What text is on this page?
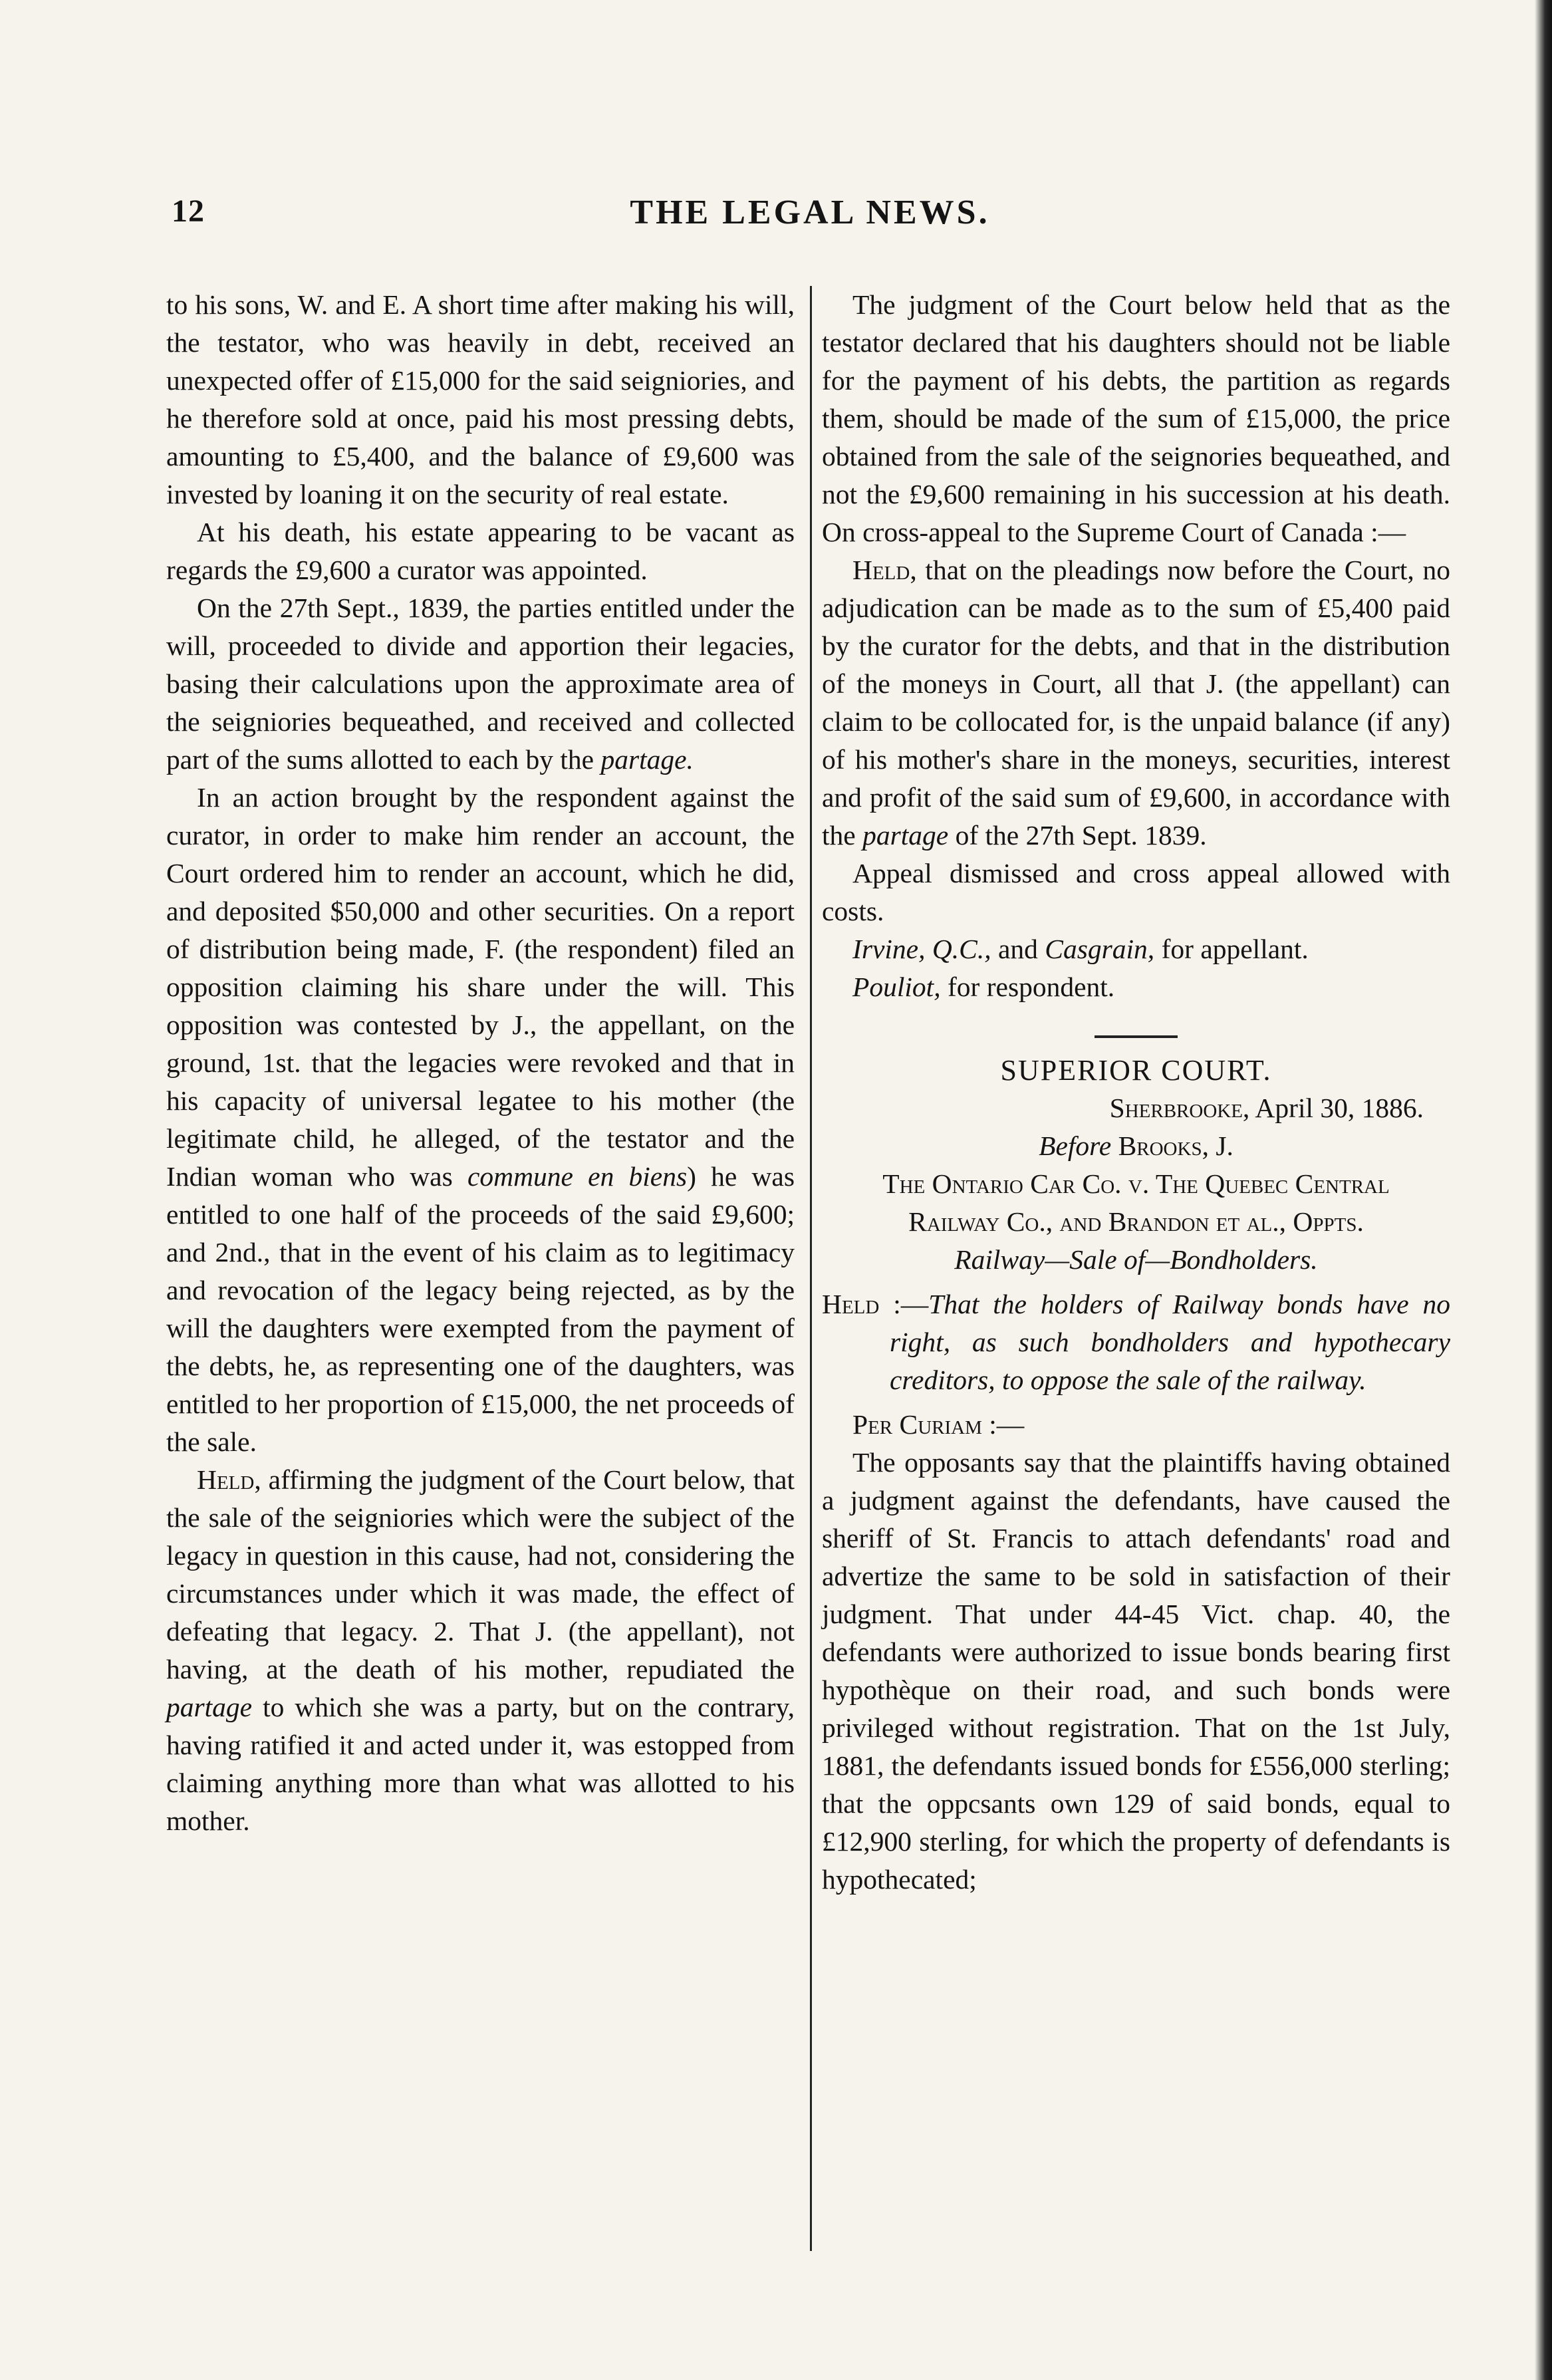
12	THE LEGAL NEWS.

to his sons, W. and E. A short time after making his will, the testator, who was heavily in debt, received an unexpected offer of £15,000 for the said seigniories, and he therefore sold at once, paid his most pressing debts, amounting to £5,400, and the balance of £9,600 was invested by loaning it on the security of real estate.

At his death, his estate appearing to be vacant as regards the £9,600 a curator was appointed.

On the 27th Sept., 1839, the parties entitled under the will, proceeded to divide and apportion their legacies, basing their calculations upon the approximate area of the seigniories bequeathed, and received and collected part of the sums allotted to each by the partage.

In an action brought by the respondent against the curator, in order to make him render an account, the Court ordered him to render an account, which he did, and deposited $50,000 and other securities. On a report of distribution being made, F. (the respondent) filed an opposition claiming his share under the will. This opposition was contested by J., the appellant, on the ground, 1st. that the legacies were revoked and that in his capacity of universal legatee to his mother (the legitimate child, he alleged, of the testator and the Indian woman who was commune en biens) he was entitled to one half of the proceeds of the said £9,600; and 2nd., that in the event of his claim as to legitimacy and revocation of the legacy being rejected, as by the will the daughters were exempted from the payment of the debts, he, as representing one of the daughters, was entitled to her proportion of £15,000, the net proceeds of the sale.

Held, affirming the judgment of the Court below, that the sale of the seigniories which were the subject of the legacy in question in this cause, had not, considering the circumstances under which it was made, the effect of defeating that legacy. 2. That J. (the appellant), not having, at the death of his mother, repudiated the partage to which she was a party, but on the contrary, having ratified it and acted under it, was estopped from claiming anything more than what was allotted to his mother.

The judgment of the Court below held that as the testator declared that his daughters should not be liable for the payment of his debts, the partition as regards them, should be made of the sum of £15,000, the price obtained from the sale of the seignories bequeathed, and not the £9,600 remaining in his succession at his death. On cross-appeal to the Supreme Court of Canada :—

Held, that on the pleadings now before the Court, no adjudication can be made as to the sum of £5,400 paid by the curator for the debts, and that in the distribution of the moneys in Court, all that J. (the appellant) can claim to be collocated for, is the unpaid balance (if any) of his mother's share in the moneys, securities, interest and profit of the said sum of £9,600, in accordance with the partage of the 27th Sept. 1839.

Appeal dismissed and cross appeal allowed with costs.

Irvine, Q.C., and Casgrain, for appellant.

Pouliot, for respondent.

SUPERIOR COURT.

Sherbrooke, April 30, 1886.

Before Brooks, J.

The Ontario Car Co. v. The Quebec Central

Railway Co., and Brandon et al., Oppts.

Railway—Sale of—Bondholders.

Held :—That the holders of Railway bonds have no right, as such bondholders and hypothecary creditors, to oppose the sale of the railway.

Per Curiam :—

The opposants say that the plaintiffs having obtained a judgment against the defendants, have caused the sheriff of St. Francis to attach defendants' road and advertize the same to be sold in satisfaction of their judgment. That under 44-45 Vict. chap. 40, the defendants were authorized to issue bonds bearing first hypothèque on their road, and such bonds were privileged without registration. That on the 1st July, 1881, the defendants issued bonds for £556,000 sterling; that the oppcsants own 129 of said bonds, equal to £12,900 sterling, for which the property of defendants is hypothecated;
